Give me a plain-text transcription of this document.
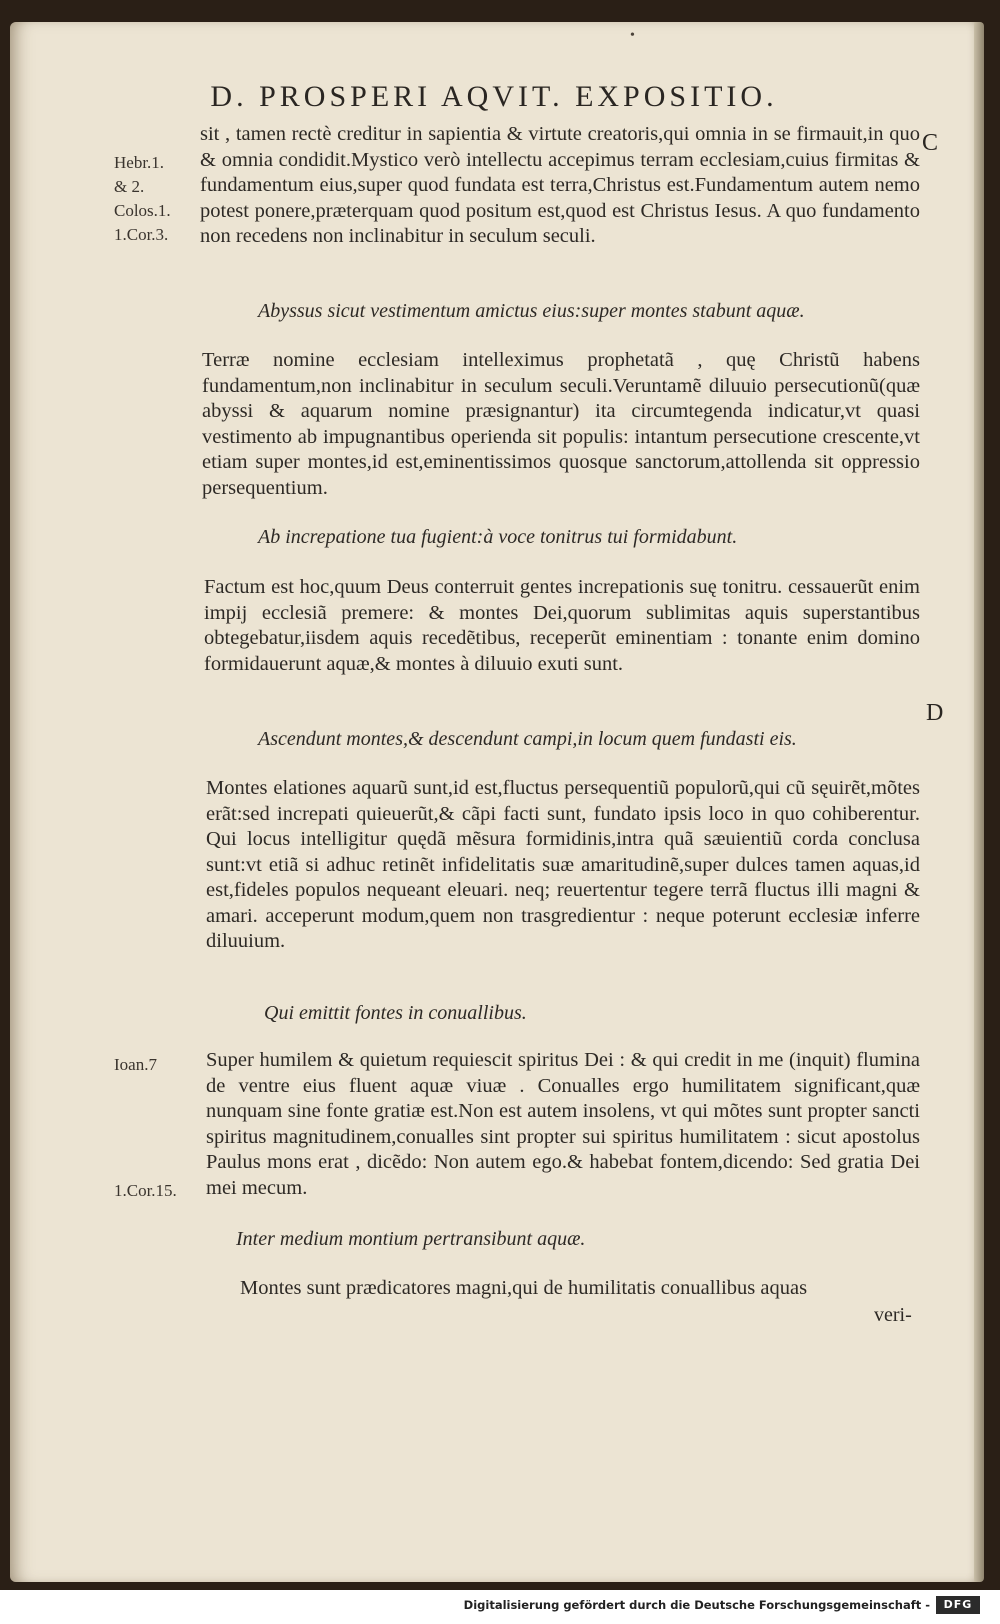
•
D. PROSPERI AQVIT. EXPOSITIO.
Hebr.1.
& 2.
Colos.1.
1.Cor.3.
C

sit , tamen rectè creditur in sapientia & virtute creatoris,qui omnia in se firmauit,in quo & omnia condidit.Mystico verò intellectu accepimus terram ecclesiam,cuius firmitas & fundamentum eius,super quod fundata est terra,Christus est.Fundamentum autem nemo potest ponere,præterquam quod positum est,quod est Christus Iesus. A quo fundamento non recedens non inclinabitur in seculum seculi.

Abyssus sicut vestimentum amictus eius:super montes stabunt aquæ.

Terræ nomine ecclesiam intelleximus prophetatã , quę Christũ habens fundamentum,non inclinabitur in seculum seculi.Veruntamẽ diluuio persecutionũ(quæ abyssi & aquarum nomine præsignantur) ita circumtegenda indicatur,vt quasi vestimento ab impugnantibus operienda sit populis: intantum persecutione crescente,vt etiam super montes,id est,eminentissimos quosque sanctorum,attollenda sit oppressio persequentium.

Ab increpatione tua fugient:à voce tonitrus tui formidabunt.

Factum est hoc,quum Deus conterruit gentes increpationis suę tonitru. cessauerũt enim impij ecclesiã premere: & montes Dei,quorum sublimitas aquis superstantibus obtegebatur,iisdem aquis recedẽtibus, receperũt eminentiam : tonante enim domino formidauerunt aquæ,& montes à diluuio exuti sunt.

D
Ascendunt montes,& descendunt campi,in locum quem fundasti eis.

Montes elationes aquarũ sunt,id est,fluctus persequentiũ populorũ,qui cũ sęuirẽt,mõtes erãt:sed increpati quieuerũt,& cãpi facti sunt, fundato ipsis loco in quo cohiberentur. Qui locus intelligitur quędã mẽsura formidinis,intra quã sæuientiũ corda conclusa sunt:vt etiã si adhuc retinẽt infidelitatis suæ amaritudinẽ,super dulces tamen aquas,id est,fideles populos nequeant eleuari. neq; reuertentur tegere terrã fluctus illi magni & amari. acceperunt modum,quem non trasgredientur : neque poterunt ecclesiæ inferre diluuium.

Qui emittit fontes in conuallibus.
Ioan.7
1.Cor.15.

Super humilem & quietum requiescit spiritus Dei : & qui credit in me (inquit) flumina de ventre eius fluent aquæ viuæ . Conualles ergo humilitatem significant,quæ nunquam sine fonte gratiæ est.Non est autem insolens, vt qui mõtes sunt propter sancti spiritus magnitudinem,conualles sint propter sui spiritus humilitatem : sicut apostolus Paulus mons erat , dicẽdo: Non autem ego.& habebat fontem,dicendo: Sed gratia Dei mei mecum.

Inter medium montium pertransibunt aquæ.

Montes sunt prædicatores magni,qui de humilitatis conuallibus aquas

veri-
Digitalisierung gefördert durch die Deutsche Forschungsgemeinschaft -	DFG
